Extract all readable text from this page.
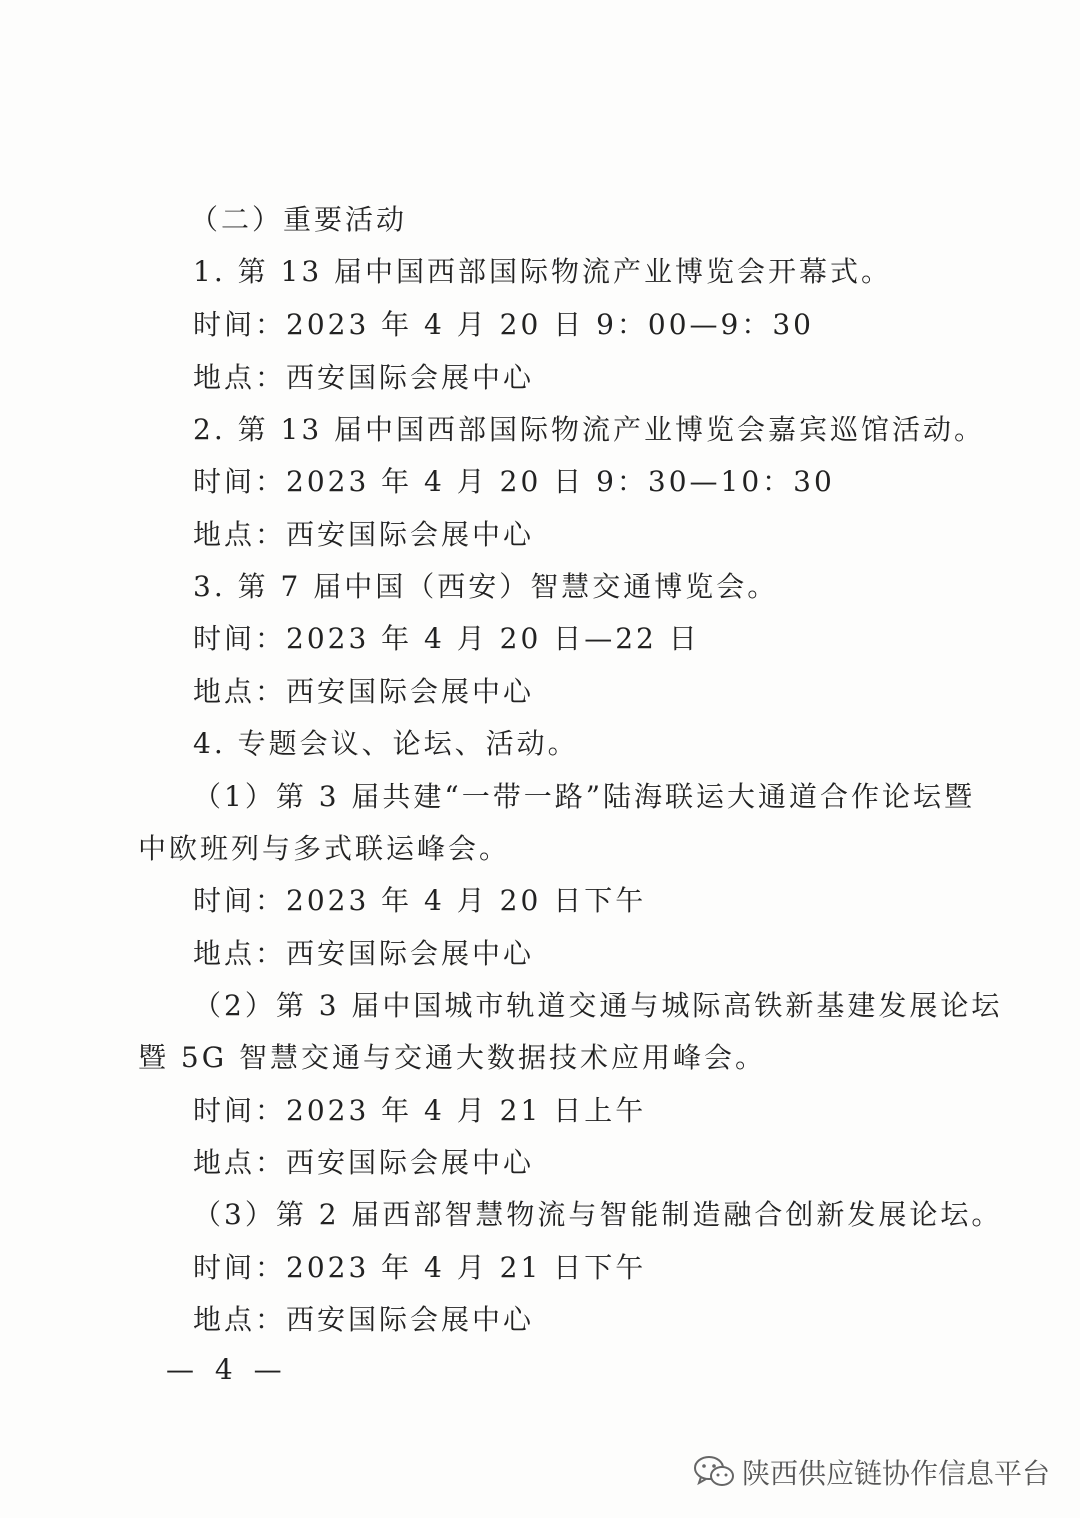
（二）重要活动
1. 第 13 届中国西部国际物流产业博览会开幕式。
时间：2023 年 4 月 20 日 9：00—9：30
地点：西安国际会展中心
2. 第 13 届中国西部国际物流产业博览会嘉宾巡馆活动。
时间：2023 年 4 月 20 日 9：30—10：30
地点：西安国际会展中心
3. 第 7 届中国（西安）智慧交通博览会。
时间：2023 年 4 月 20 日—22 日
地点：西安国际会展中心
4. 专题会议、论坛、活动。
（1）第 3 届共建“一带一路”陆海联运大通道合作论坛暨
中欧班列与多式联运峰会。
时间：2023 年 4 月 20 日下午
地点：西安国际会展中心
（2）第 3 届中国城市轨道交通与城际高铁新基建发展论坛
暨 5G 智慧交通与交通大数据技术应用峰会。
时间：2023 年 4 月 21 日上午
地点：西安国际会展中心
（3）第 2 届西部智慧物流与智能制造融合创新发展论坛。
时间：2023 年 4 月 21 日下午
地点：西安国际会展中心
— 4 —
陕西供应链协作信息平台
